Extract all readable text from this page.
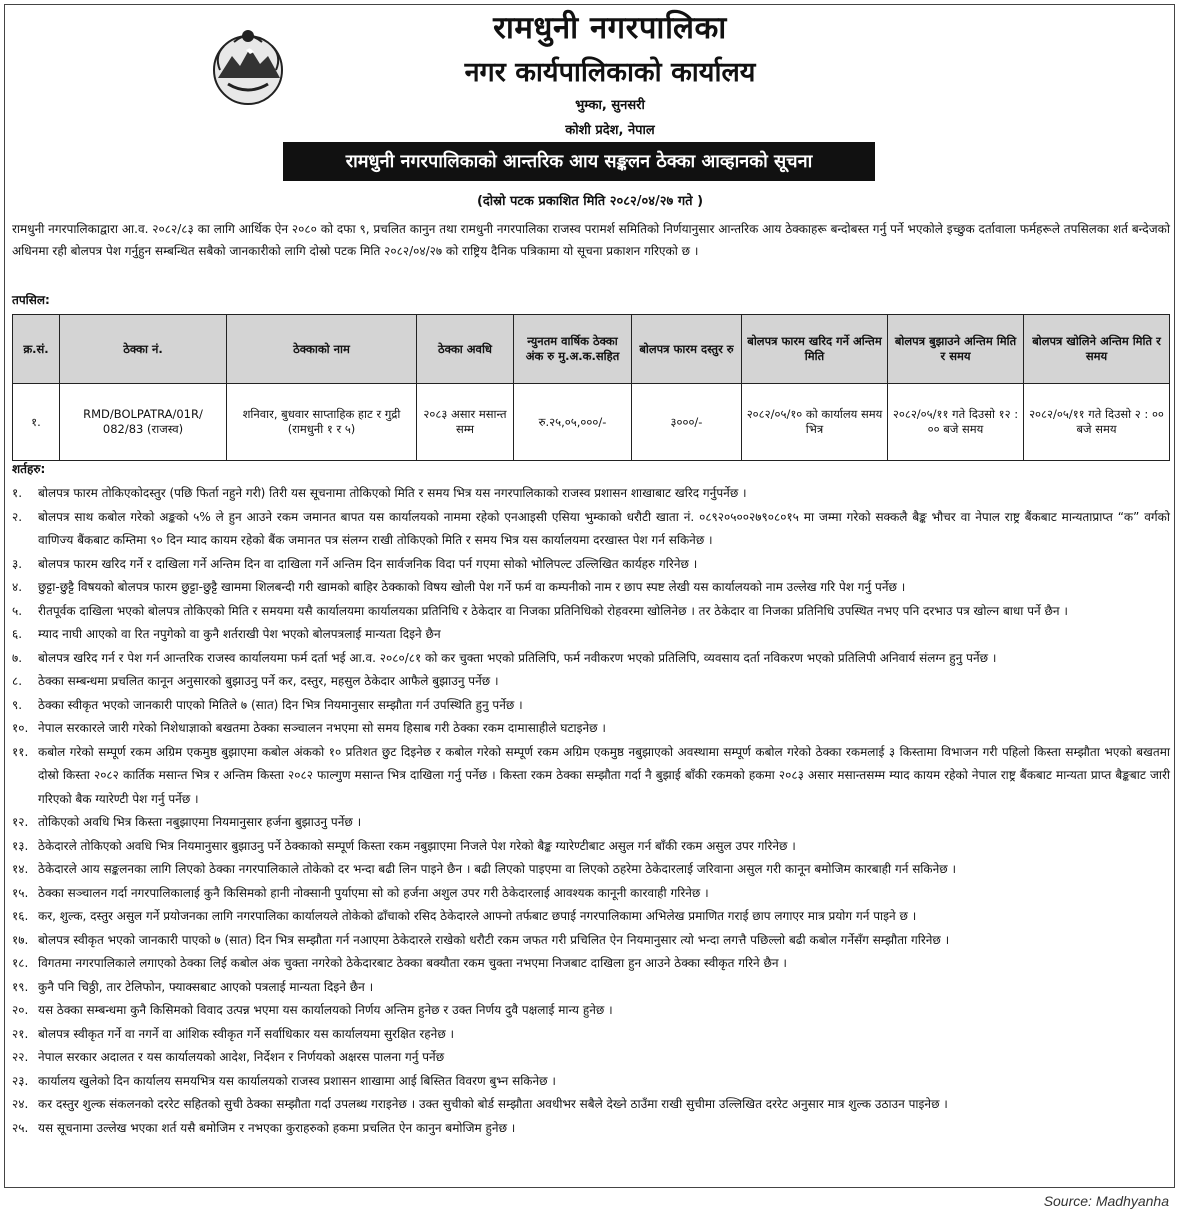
रामधुनी नगरपालिका
नगर कार्यपालिकाको कार्यालय
भुम्का, सुनसरी
कोशी प्रदेश, नेपाल
रामधुनी नगरपालिकाको आन्तरिक आय सङ्कलन ठेक्का आव्हानको सूचना
(दोस्रो पटक प्रकाशित मिति २०८२/०४/२७ गते )

रामधुनी नगरपालिकाद्वारा आ.व. २०८२/८३ का लागि आर्थिक ऐन २०८० को दफा ९, प्रचलित कानुन तथा रामधुनी नगरपालिका राजस्व परामर्श समितिको निर्णयानुसार आन्तरिक आय ठेक्काहरू बन्दोबस्त गर्नु पर्ने भएकोले इच्छुक दर्तावाला फर्महरूले तपसिलका शर्त बन्देजको अधिनमा रही बोलपत्र पेश गर्नुहुन सम्बन्धित सबैको जानकारीको लागि दोस्रो पटक मिति २०८२/०४/२७ को राष्ट्रिय दैनिक पत्रिकामा यो सूचना प्रकाशन गरिएको छ ।

तपसिल:

क्र.सं.	ठेक्का नं.	ठेक्काको नाम	ठेक्का अवधि	न्युनतम वार्षिक ठेक्का अंक रु मु.अ.क.सहित	बोलपत्र फारम दस्तुर रु	बोलपत्र फारम खरिद गर्ने अन्तिम मिति	बोलपत्र बुझाउने अन्तिम मिति र समय	बोलपत्र खोलिने अन्तिम मिति र समय
१.	RMD/BOLPATRA/01R/ 082/83 (राजस्व)	शनिवार, बुधवार साप्ताहिक हाट र गुद्री (रामधुनी १ र ५)	२०८३ असार मसान्त सम्म	रु.२५,०५,०००/-	३०००/-	२०८२/०५/१० को कार्यालय समय भित्र	२०८२/०५/११ गते दिउसो १२ : ०० बजे समय	२०८२/०५/११ गते दिउसो २ : ०० बजे समय

शर्तहरु:

१. बोलपत्र फारम तोकिएकोदस्तुर (पछि फिर्ता नहुने गरी) तिरी यस सूचनामा तोकिएको मिति र समय भित्र यस नगरपालिकाको राजस्व प्रशासन शाखाबाट खरिद गर्नुपर्नेछ ।
२. बोलपत्र साथ कबोल गरेको अङ्कको ५% ले हुन आउने रकम जमानत बापत यस कार्यालयको नाममा रहेको एनआइसी एसिया भुम्काको धरौटी खाता नं. ०८९२०५००२७९०८०१५ मा जम्मा गरेको सक्कलै बैङ्क भौचर वा नेपाल राष्ट्र बैंकबाट मान्यताप्राप्त “क” वर्गको वाणिज्य बैंकबाट कम्तिमा ९० दिन म्याद कायम रहेको बैंक जमानत पत्र संलग्न राखी तोकिएको मिति र समय भित्र यस कार्यालयमा दरखास्त पेश गर्न सकिनेछ ।
३. बोलपत्र फारम खरिद गर्ने र दाखिला गर्ने अन्तिम दिन वा दाखिला गर्ने अन्तिम दिन सार्वजनिक विदा पर्न गएमा सोको भोलिपल्ट उल्लिखित कार्यहरु गरिनेछ ।
४. छुट्टा-छुट्टै विषयको बोलपत्र फारम छुट्टा-छुट्टै खाममा शिलबन्दी गरी खामको बाहिर ठेक्काको विषय खोली पेश गर्ने फर्म वा कम्पनीको नाम र छाप स्पष्ट लेखी यस कार्यालयको नाम उल्लेख गरि पेश गर्नु पर्नेछ ।
५. रीतपूर्वक दाखिला भएको बोलपत्र तोकिएको मिति र समयमा यसै कार्यालयमा कार्यालयका प्रतिनिधि र ठेकेदार वा निजका प्रतिनिधिको रोहवरमा खोलिनेछ । तर ठेकेदार वा निजका प्रतिनिधि उपस्थित नभए पनि दरभाउ पत्र खोल्न बाधा पर्ने छैन ।
६. म्याद नाघी आएको वा रित नपुगेको वा कुनै शर्तराखी पेश भएको बोलपत्रलाई मान्यता दिइने छैन
७. बोलपत्र खरिद गर्न र पेश गर्न आन्तरिक राजस्व कार्यालयमा फर्म दर्ता भई आ.व. २०८०/८१ को कर चुक्ता भएको प्रतिलिपि, फर्म नवीकरण भएको प्रतिलिपि, व्यवसाय दर्ता नविकरण भएको प्रतिलिपी अनिवार्य संलग्न हुनु पर्नेछ ।
८. ठेक्का सम्बन्धमा प्रचलित कानून अनुसारको बुझाउनु पर्ने कर, दस्तुर, महसुल ठेकेदार आफैले बुझाउनु पर्नेछ ।
९. ठेक्का स्वीकृत भएको जानकारी पाएको मितिले ७ (सात) दिन भित्र नियमानुसार सम्झौता गर्न उपस्थिति हुनु पर्नेछ ।
१०. नेपाल सरकारले जारी गरेको निशेधाज्ञाको बखतमा ठेक्का सञ्चालन नभएमा सो समय हिसाब गरी ठेक्का रकम दामासाहीले घटाइनेछ ।
११. कबोल गरेको सम्पूर्ण रकम अग्रिम एकमुष्ठ बुझाएमा कबोल अंकको १० प्रतिशत छुट दिइनेछ र कबोल गरेको सम्पूर्ण रकम अग्रिम एकमुष्ठ नबुझाएको अवस्थामा सम्पूर्ण कबोल गरेको ठेक्का रकमलाई ३ किस्तामा विभाजन गरी पहिलो किस्ता सम्झौता भएको बखतमा दोस्रो किस्ता २०८२ कार्तिक मसान्त भित्र र अन्तिम किस्ता २०८२ फाल्गुण मसान्त भित्र दाखिला गर्नु पर्नेछ । किस्ता रकम ठेक्का सम्झौता गर्दा नै बुझाई बाँकी रकमको हकमा २०८३ असार मसान्तसम्म म्याद कायम रहेको नेपाल राष्ट्र बैंकबाट मान्यता प्राप्त बैङ्कबाट जारी गरिएको बैक ग्यारेण्टी पेश गर्नु पर्नेछ ।
१२. तोकिएको अवधि भित्र किस्ता नबुझाएमा नियमानुसार हर्जना बुझाउनु पर्नेछ ।
१३. ठेकेदारले तोकिएको अवधि भित्र नियमानुसार बुझाउनु पर्ने ठेक्काको सम्पूर्ण किस्ता रकम नबुझाएमा निजले पेश गरेको बैङ्क ग्यारेण्टीबाट असुल गर्न बाँकी रकम असुल उपर गरिनेछ ।
१४. ठेकेदारले आय सङ्कलनका लागि लिएको ठेक्का नगरपालिकाले तोकेको दर भन्दा बढी लिन पाइने छैन । बढी लिएको पाइएमा वा लिएको ठहरेमा ठेकेदारलाई जरिवाना असुल गरी कानून बमोजिम कारबाही गर्न सकिनेछ ।
१५. ठेक्का सञ्चालन गर्दा नगरपालिकालाई कुनै किसिमको हानी नोक्सानी पुर्याएमा सो को हर्जना अशुल उपर गरी ठेकेदारलाई आवश्यक कानूनी कारवाही गरिनेछ ।
१६. कर, शुल्क, दस्तुर असुल गर्ने प्रयोजनका लागि नगरपालिका कार्यालयले तोकेको ढाँचाको रसिद ठेकेदारले आफ्नो तर्फबाट छपाई नगरपालिकामा अभिलेख प्रमाणित गराई छाप लगाएर मात्र प्रयोग गर्न पाइने छ ।
१७. बोलपत्र स्वीकृत भएको जानकारी पाएको ७ (सात) दिन भित्र सम्झौता गर्न नआएमा ठेकेदारले राखेको धरौटी रकम जफत गरी प्रचिलित ऐन नियमानुसार त्यो भन्दा लगत्तै पछिल्लो बढी कबोल गर्नेसँग सम्झौता गरिनेछ ।
१८. विगतमा नगरपालिकाले लगाएको ठेक्का लिई कबोल अंक चुक्ता नगरेको ठेकेदारबाट ठेक्का बक्यौता रकम चुक्ता नभएमा निजबाट दाखिला हुन आउने ठेक्का स्वीकृत गरिने छैन ।
१९. कुनै पनि चिठ्ठी, तार टेलिफोन, फ्याक्सबाट आएको पत्रलाई मान्यता दिइने छैन ।
२०. यस ठेक्का सम्बन्धमा कुनै किसिमको विवाद उत्पन्न भएमा यस कार्यालयको निर्णय अन्तिम हुनेछ र उक्त निर्णय दुवै पक्षलाई मान्य हुनेछ ।
२१. बोलपत्र स्वीकृत गर्ने वा नगर्ने वा आंशिक स्वीकृत गर्ने सर्वाधिकार यस कार्यालयमा सुरक्षित रहनेछ ।
२२. नेपाल सरकार अदालत र यस कार्यालयको आदेश, निर्देशन र निर्णयको अक्षरस पालना गर्नु पर्नेछ
२३. कार्यालय खुलेको दिन कार्यालय समयभित्र यस कार्यालयको राजस्व प्रशासन शाखामा आई बिस्तित विवरण बुभ्न सकिनेछ ।
२४. कर दस्तुर शुल्क संकलनको दररेट सहितको सुची ठेक्का सम्झौता गर्दा उपलब्ध गराइनेछ । उक्त सुचीको बोर्ड सम्झौता अवधीभर सबैले देख्ने ठाउँमा राखी सुचीमा उल्लिखित दररेट अनुसार मात्र शुल्क उठाउन पाइनेछ ।
२५. यस सूचनामा उल्लेख भएका शर्त यसै बमोजिम र नभएका कुराहरुको हकमा प्रचलित ऐन कानुन बमोजिम हुनेछ ।
Source: Madhyanha
